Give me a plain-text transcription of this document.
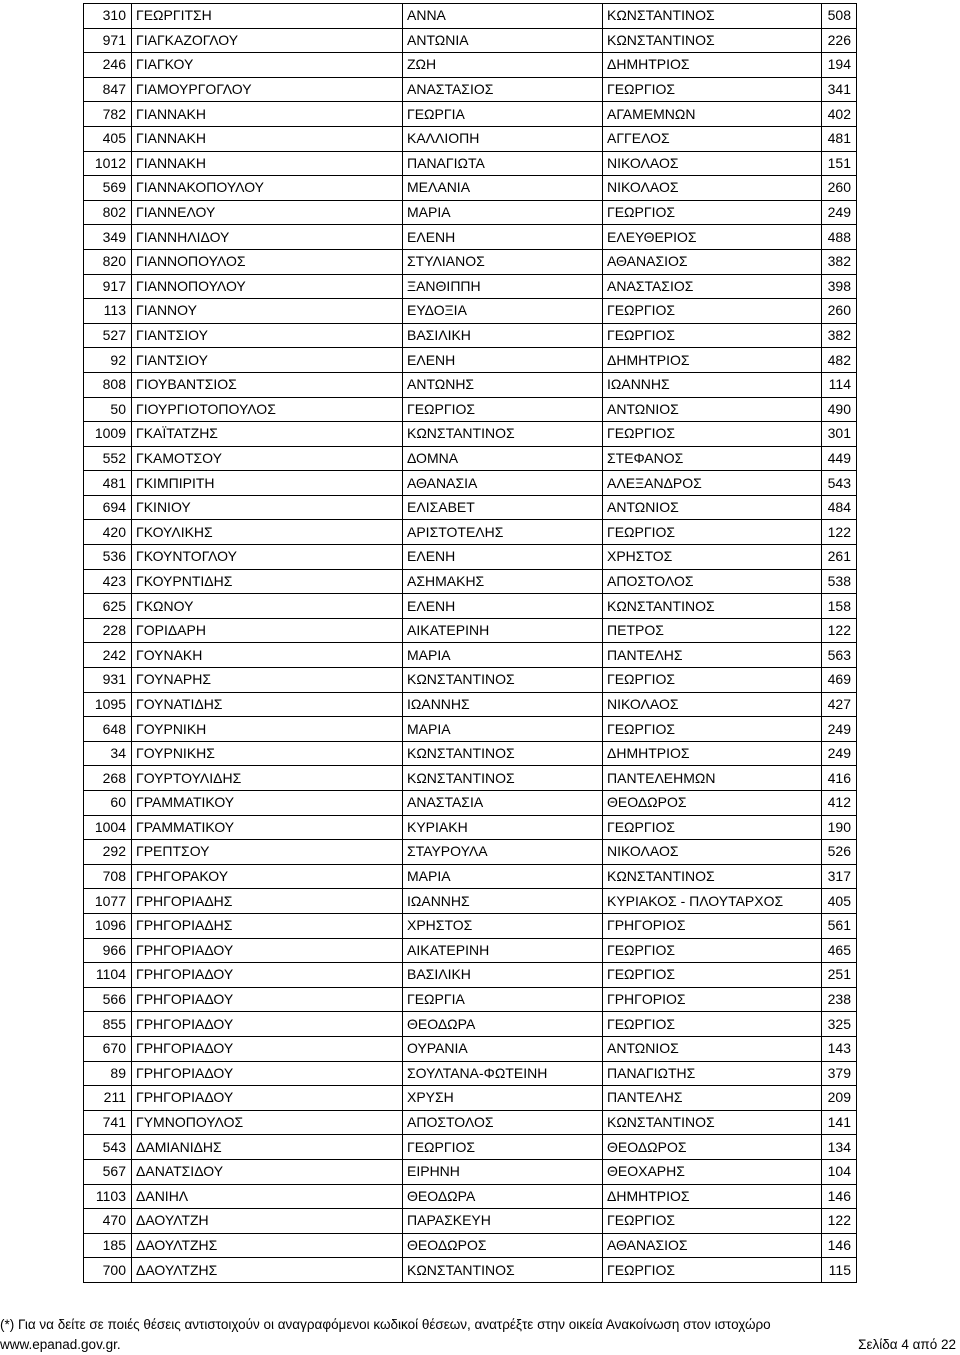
310	ΓΕΩΡΓΙΤΣΗ	ΑΝΝΑ	ΚΩΝΣΤΑΝΤΙΝΟΣ	508
971	ΓΙΑΓΚΑΖΟΓΛΟΥ	ΑΝΤΩΝΙΑ	ΚΩΝΣΤΑΝΤΙΝΟΣ	226
246	ΓΙΑΓΚΟΥ	ΖΩΗ	ΔΗΜΗΤΡΙΟΣ	194
847	ΓΙΑΜΟΥΡΓΟΓΛΟΥ	ΑΝΑΣΤΑΣΙΟΣ	ΓΕΩΡΓΙΟΣ	341
782	ΓΙΑΝΝΑΚΗ	ΓΕΩΡΓΙΑ	ΑΓΑΜΕΜΝΩΝ	402
405	ΓΙΑΝΝΑΚΗ	ΚΑΛΛΙΟΠΗ	ΑΓΓΕΛΟΣ	481
1012	ΓΙΑΝΝΑΚΗ	ΠΑΝΑΓΙΩΤΑ	ΝΙΚΟΛΑΟΣ	151
569	ΓΙΑΝΝΑΚΟΠΟΥΛΟΥ	ΜΕΛΑΝΙΑ	ΝΙΚΟΛΑΟΣ	260
802	ΓΙΑΝΝΕΛΟΥ	ΜΑΡΙΑ	ΓΕΩΡΓΙΟΣ	249
349	ΓΙΑΝΝΗΛΙΔΟΥ	ΕΛΕΝΗ	ΕΛΕΥΘΕΡΙΟΣ	488
820	ΓΙΑΝΝΟΠΟΥΛΟΣ	ΣΤΥΛΙΑΝΟΣ	ΑΘΑΝΑΣΙΟΣ	382
917	ΓΙΑΝΝΟΠΟΥΛΟΥ	ΞΑΝΘΙΠΠΗ	ΑΝΑΣΤΑΣΙΟΣ	398
113	ΓΙΑΝΝΟΥ	ΕΥΔΟΞΙΑ	ΓΕΩΡΓΙΟΣ	260
527	ΓΙΑΝΤΣΙΟΥ	ΒΑΣΙΛΙΚΗ	ΓΕΩΡΓΙΟΣ	382
92	ΓΙΑΝΤΣΙΟΥ	ΕΛΕΝΗ	ΔΗΜΗΤΡΙΟΣ	482
808	ΓΙΟΥΒΑΝΤΣΙΟΣ	ΑΝΤΩΝΗΣ	ΙΩΑΝΝΗΣ	114
50	ΓΙΟΥΡΓΙΟΤΟΠΟΥΛΟΣ	ΓΕΩΡΓΙΟΣ	ΑΝΤΩΝΙΟΣ	490
1009	ΓΚΑΪΤΑΤΖΗΣ	ΚΩΝΣΤΑΝΤΙΝΟΣ	ΓΕΩΡΓΙΟΣ	301
552	ΓΚΑΜΟΤΣΟΥ	ΔΟΜΝΑ	ΣΤΕΦΑΝΟΣ	449
481	ΓΚΙΜΠΙΡΙΤΗ	ΑΘΑΝΑΣΙΑ	ΑΛΕΞΑΝΔΡΟΣ	543
694	ΓΚΙΝΙΟΥ	ΕΛΙΣΑΒΕΤ	ΑΝΤΩΝΙΟΣ	484
420	ΓΚΟΥΛΙΚΗΣ	ΑΡΙΣΤΟΤΕΛΗΣ	ΓΕΩΡΓΙΟΣ	122
536	ΓΚΟΥΝΤΟΓΛΟΥ	ΕΛΕΝΗ	ΧΡΗΣΤΟΣ	261
423	ΓΚΟΥΡΝΤΙΔΗΣ	ΑΣΗΜΑΚΗΣ	ΑΠΟΣΤΟΛΟΣ	538
625	ΓΚΩΝΟΥ	ΕΛΕΝΗ	ΚΩΝΣΤΑΝΤΙΝΟΣ	158
228	ΓΟΡΙΔΑΡΗ	ΑΙΚΑΤΕΡΙΝΗ	ΠΕΤΡΟΣ	122
242	ΓΟΥΝΑΚΗ	ΜΑΡΙΑ	ΠΑΝΤΕΛΗΣ	563
931	ΓΟΥΝΑΡΗΣ	ΚΩΝΣΤΑΝΤΙΝΟΣ	ΓΕΩΡΓΙΟΣ	469
1095	ΓΟΥΝΑΤΙΔΗΣ	ΙΩΑΝΝΗΣ	ΝΙΚΟΛΑΟΣ	427
648	ΓΟΥΡΝΙΚΗ	ΜΑΡΙΑ	ΓΕΩΡΓΙΟΣ	249
34	ΓΟΥΡΝΙΚΗΣ	ΚΩΝΣΤΑΝΤΙΝΟΣ	ΔΗΜΗΤΡΙΟΣ	249
268	ΓΟΥΡΤΟΥΛΙΔΗΣ	ΚΩΝΣΤΑΝΤΙΝΟΣ	ΠΑΝΤΕΛΕΗΜΩΝ	416
60	ΓΡΑΜΜΑΤΙΚΟΥ	ΑΝΑΣΤΑΣΙΑ	ΘΕΟΔΩΡΟΣ	412
1004	ΓΡΑΜΜΑΤΙΚΟΥ	ΚΥΡΙΑΚΗ	ΓΕΩΡΓΙΟΣ	190
292	ΓΡΕΠΤΣΟΥ	ΣΤΑΥΡΟΥΛΑ	ΝΙΚΟΛΑΟΣ	526
708	ΓΡΗΓΟΡΑΚΟΥ	ΜΑΡΙΑ	ΚΩΝΣΤΑΝΤΙΝΟΣ	317
1077	ΓΡΗΓΟΡΙΑΔΗΣ	ΙΩΑΝΝΗΣ	ΚΥΡΙΑΚΟΣ - ΠΛΟΥΤΑΡΧΟΣ	405
1096	ΓΡΗΓΟΡΙΑΔΗΣ	ΧΡΗΣΤΟΣ	ΓΡΗΓΟΡΙΟΣ	561
966	ΓΡΗΓΟΡΙΑΔΟΥ	ΑΙΚΑΤΕΡΙΝΗ	ΓΕΩΡΓΙΟΣ	465
1104	ΓΡΗΓΟΡΙΑΔΟΥ	ΒΑΣΙΛΙΚΗ	ΓΕΩΡΓΙΟΣ	251
566	ΓΡΗΓΟΡΙΑΔΟΥ	ΓΕΩΡΓΙΑ	ΓΡΗΓΟΡΙΟΣ	238
855	ΓΡΗΓΟΡΙΑΔΟΥ	ΘΕΟΔΩΡΑ	ΓΕΩΡΓΙΟΣ	325
670	ΓΡΗΓΟΡΙΑΔΟΥ	ΟΥΡΑΝΙΑ	ΑΝΤΩΝΙΟΣ	143
89	ΓΡΗΓΟΡΙΑΔΟΥ	ΣΟΥΛΤΑΝΑ-ΦΩΤΕΙΝΗ	ΠΑΝΑΓΙΩΤΗΣ	379
211	ΓΡΗΓΟΡΙΑΔΟΥ	ΧΡΥΣΗ	ΠΑΝΤΕΛΗΣ	209
741	ΓΥΜΝΟΠΟΥΛΟΣ	ΑΠΟΣΤΟΛΟΣ	ΚΩΝΣΤΑΝΤΙΝΟΣ	141
543	ΔΑΜΙΑΝΙΔΗΣ	ΓΕΩΡΓΙΟΣ	ΘΕΟΔΩΡΟΣ	134
567	ΔΑΝΑΤΣΙΔΟΥ	ΕΙΡΗΝΗ	ΘΕΟΧΑΡΗΣ	104
1103	ΔΑΝΙΗΛ	ΘΕΟΔΩΡΑ	ΔΗΜΗΤΡΙΟΣ	146
470	ΔΑΟΥΛΤΖΗ	ΠΑΡΑΣΚΕΥΗ	ΓΕΩΡΓΙΟΣ	122
185	ΔΑΟΥΛΤΖΗΣ	ΘΕΟΔΩΡΟΣ	ΑΘΑΝΑΣΙΟΣ	146
700	ΔΑΟΥΛΤΖΗΣ	ΚΩΝΣΤΑΝΤΙΝΟΣ	ΓΕΩΡΓΙΟΣ	115
(*) Για να δείτε σε ποιές θέσεις αντιστοιχούν οι αναγραφόμενοι κωδικοί θέσεων, ανατρέξτε στην οικεία Ανακοίνωση στον ιστοχώρο
www.epanad.gov.gr.	Σελίδα 4 από 22
